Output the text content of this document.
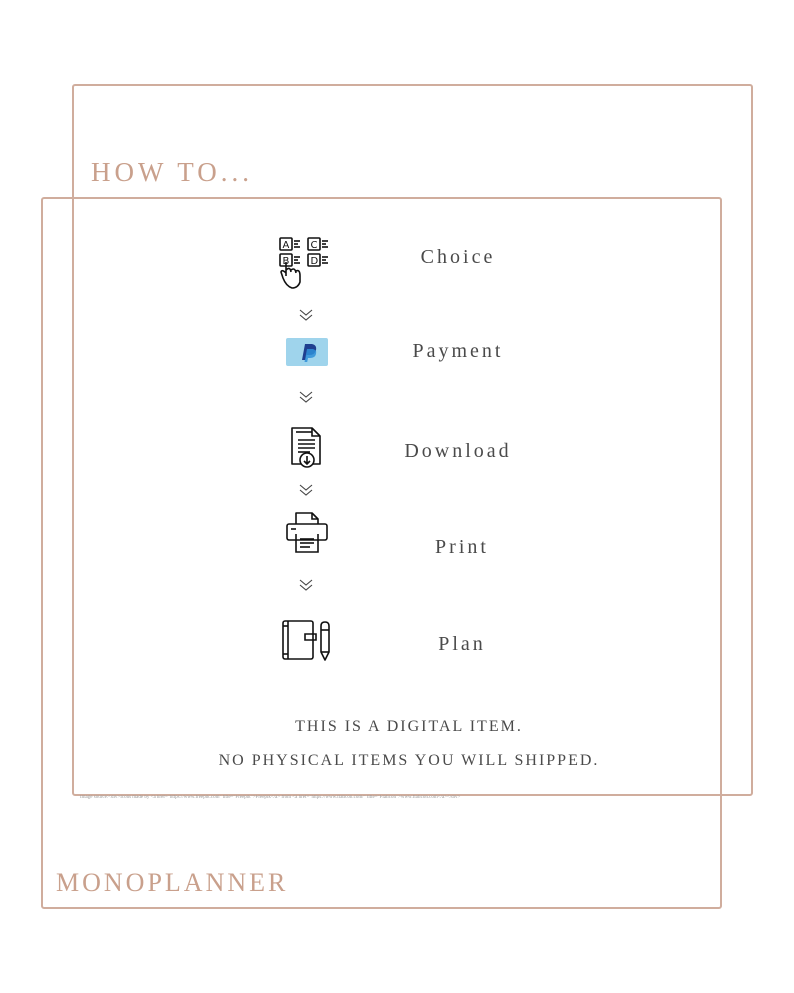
HOW TO...
A C
B D	Choice
Payment
Download
Print
Plan
THIS IS A DIGITAL ITEM.
NO PHYSICAL ITEMS YOU WILL SHIPPED.
Image source:<div>Icons made by <a href="https://www.freepik.com" title="Freepik">Freepik</a> from <a href="https://www.flaticon.com/" title="Flaticon">www.flaticon.com</a></div>
MONOPLANNER
